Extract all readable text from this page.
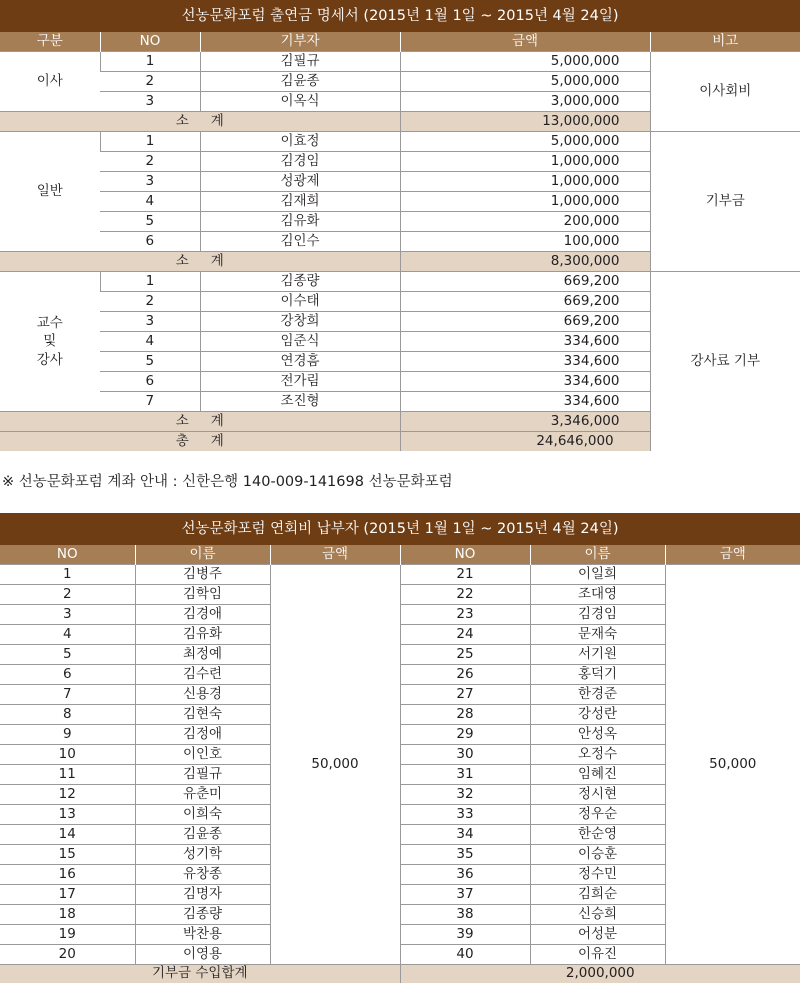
선농문화포럼 출연금 명세서 (2015년 1월 1일 ~ 2015년 4월 24일)				
구분	NO	기부자	금액	비고
이사	1	김필규	5,000,000	이사회비
	2	김윤종	5,000,000	
	3	이옥식	3,000,000	
소계			13,000,000	
일반	1	이효정	5,000,000	기부금
	2	김경임	1,000,000	
	3	성광제	1,000,000	
	4	김재희	1,000,000	
	5	김유화	200,000	
	6	김인수	100,000	
소계			8,300,000	

교수
및
강사	1	김종량	669,200	강사료 기부
	2	이수태	669,200	
	3	강창희	669,200	
	4	임준식	334,600	
	5	연경흠	334,600	
	6	전가림	334,600	
	7	조진형	334,600	
소계			3,346,000	
총계			24,646,000	
※ 선농문화포럼 계좌 안내 : 신한은행 140-009-141698 선농문화포럼
선농문화포럼 연회비 납부자 (2015년 1월 1일 ~ 2015년 4월 24일)					
NO	이름	금액	NO	이름	금액
1	김병주	50,000	21	이일희	50,000
2	김학임		22	조대영	
3	김경애		23	김경임	
4	김유화		24	문재숙	
5	최정예		25	서기원	
6	김수련		26	홍덕기	
7	신용경		27	한경준	
8	김현숙		28	강성란	
9	김정애		29	안성옥	
10	이인호		30	오정수	
11	김필규		31	임혜진	
12	유춘미		32	정시현	
13	이희숙		33	정우순	
14	김윤종		34	한순영	
15	성기학		35	이승훈	
16	유창종		36	정수민	
17	김명자		37	김희순	
18	김종량		38	신승희	
19	박찬용		39	어성분	
20	이영용		40	이유진	
기부금 수입합계			2,000,000		
